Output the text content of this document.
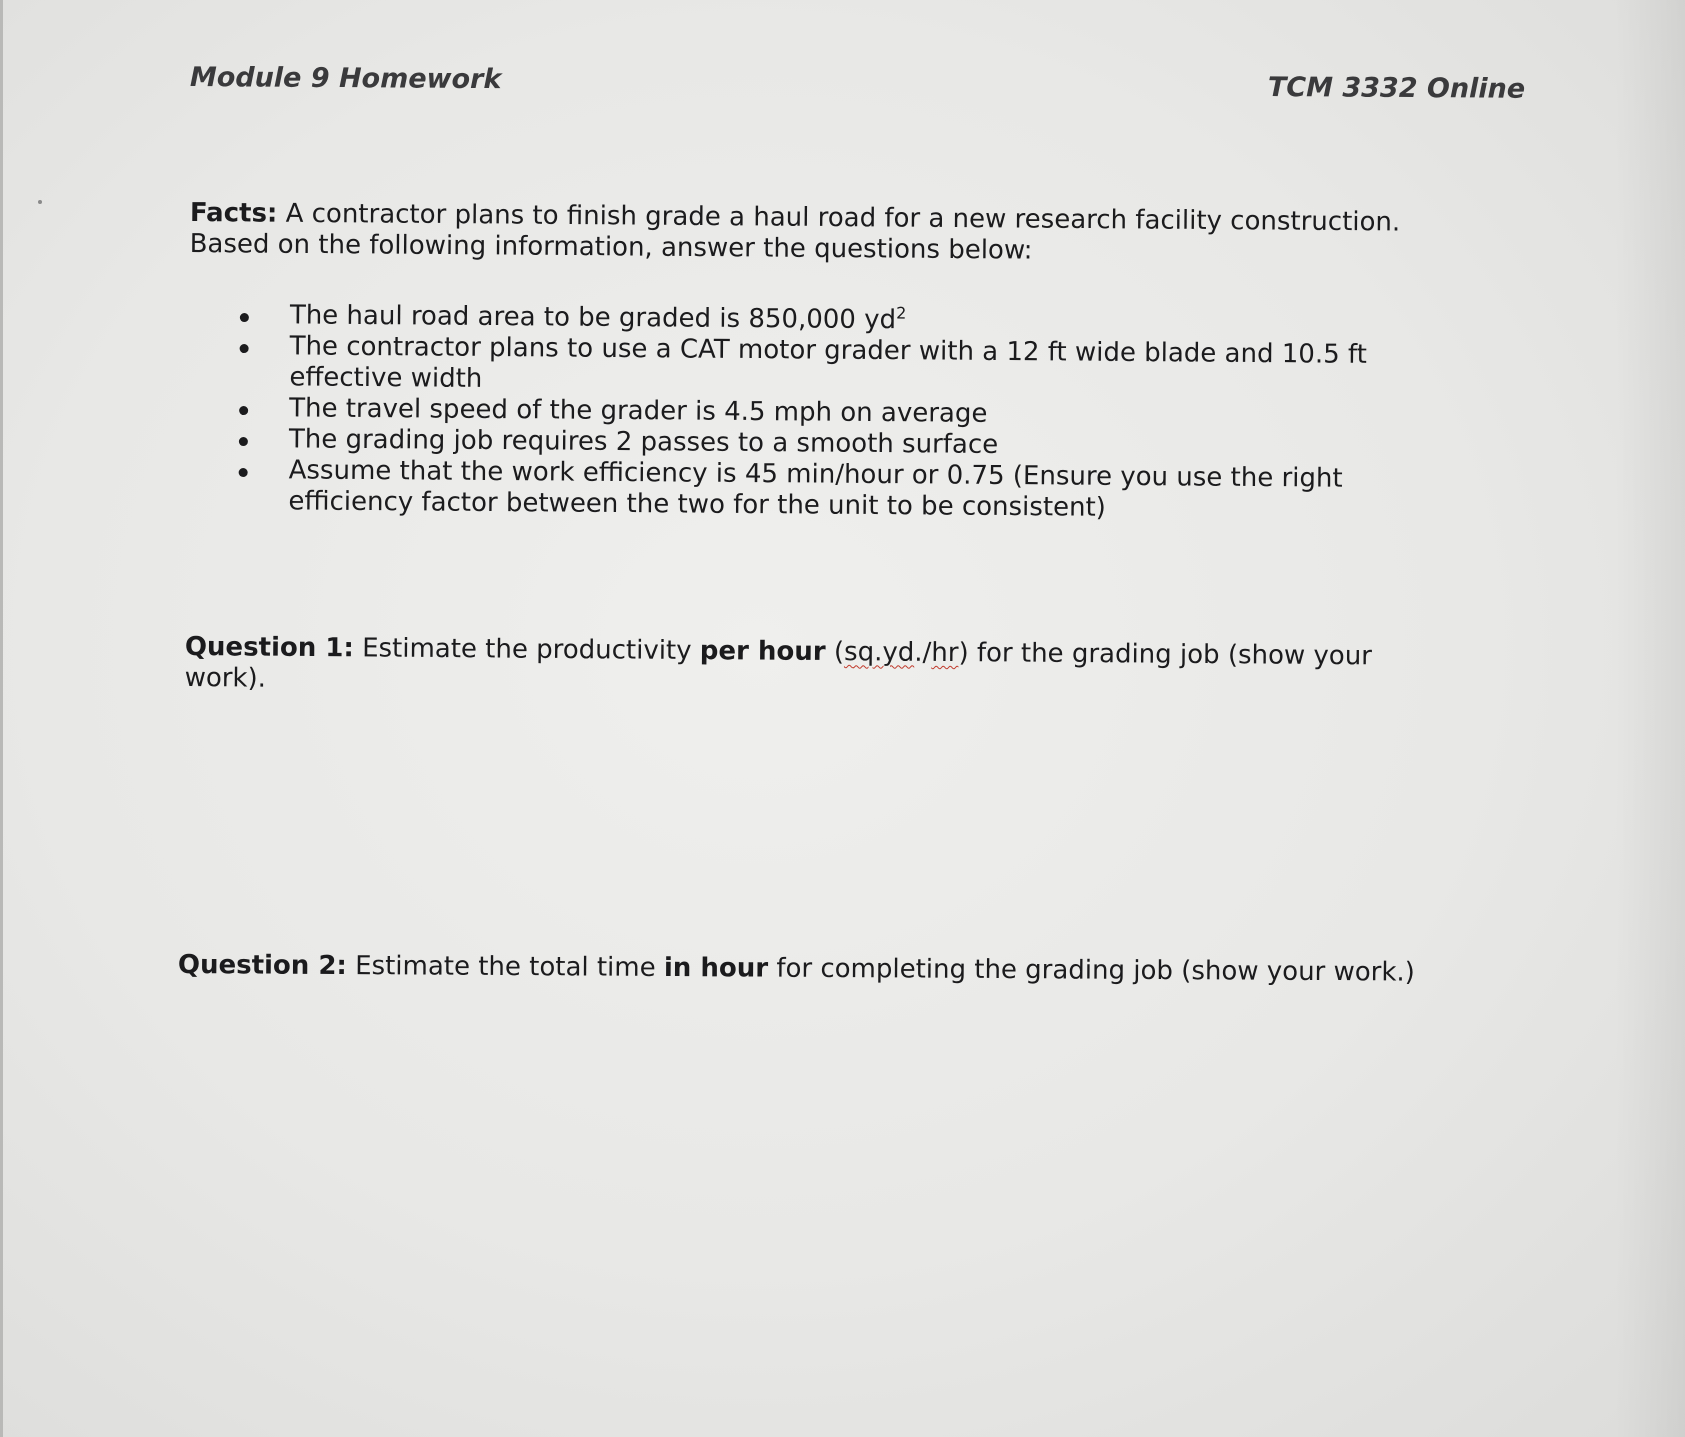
Module 9 Homework	TCM 3332 Online
Facts: A contractor plans to finish grade a haul road for a new research facility construction. Based on the following information, answer the questions below:

The haul road area to be graded is 850,000 $yd^2$

The contractor plans to use a CAT motor grader with a 12 ft wide blade and 10.5 ft effective width

The travel speed of the grader is 4.5 mph on average

The grading job requires 2 passes to a smooth surface

Assume that the work efficiency is 45 min/hour or 0.75 (Ensure you use the right efficiency factor between the two for the unit to be consistent)

Question 1: Estimate the productivity per hour (sq.yd./hr) for the grading job (show your work).
Question 2: Estimate the total time in hour for completing the grading job (show your work.)
